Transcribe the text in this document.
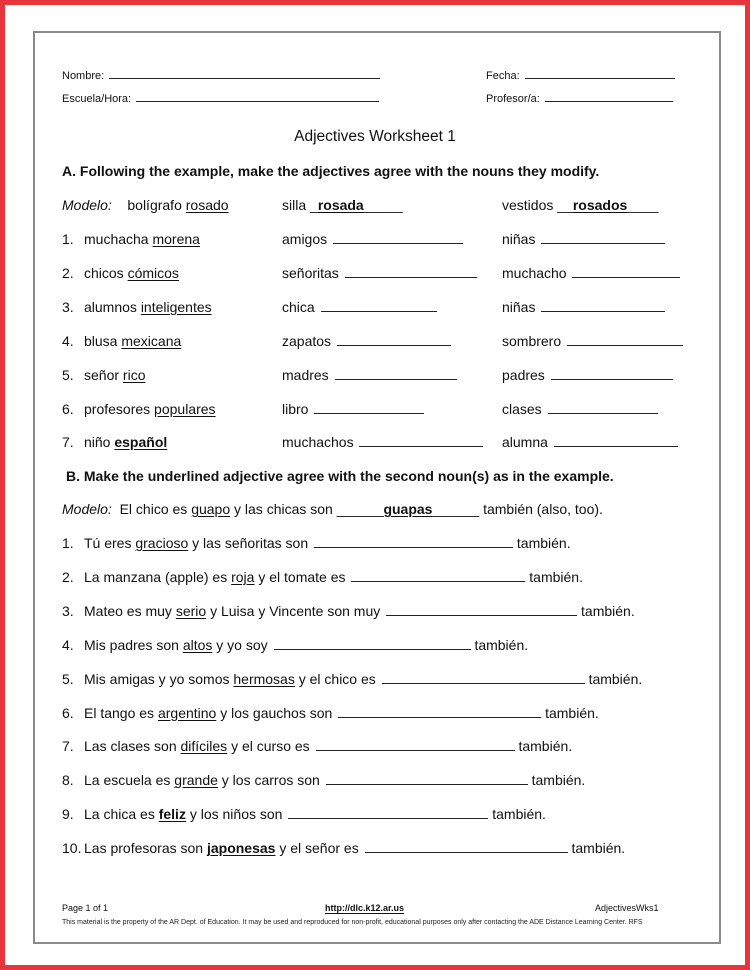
Nombre:	Fecha:
Escuela/Hora:	Profesor/a:
Adjectives Worksheet 1
A. Following the example, make the adjectives agree with the nouns they modify.
Modelo: bolígrafo rosado	silla _rosada_____	vestidos __rosados____
1. muchacha morena	amigos	niñas
2. chicos cómicos	señoritas	muchacho
3. alumnos inteligentes	chica	niñas
4. blusa mexicana	zapatos	sombrero
5. señor rico	madres	padres
6. profesores populares	libro	clases
7. niño español	muchachos	alumna
B. Make the underlined adjective agree with the second noun(s) as in the example.
Modelo: El chico es guapo y las chicas son ______guapas______ también (also, too).
1. Tú eres gracioso y las señoritas son	también.
2. La manzana (apple) es roja y el tomate es	también.
3. Mateo es muy serio y Luisa y Vincente son muy	también.
4. Mis padres son altos y yo soy	también.
5. Mis amigas y yo somos hermosas y el chico es	también.
6. El tango es argentino y los gauchos son	también.
7. Las clases son difíciles y el curso es	también.
8. La escuela es grande y los carros son	también.
9. La chica es feliz y los niños son	también.
10. Las profesoras son japonesas y el señor es	también.
Page 1 of 1	http://dlc.k12.ar.us	AdjectivesWks1
This material is the property of the AR Dept. of Education. It may be used and reproduced for non-profit, educational purposes only after contacting the ADE Distance Learning Center. RFS
